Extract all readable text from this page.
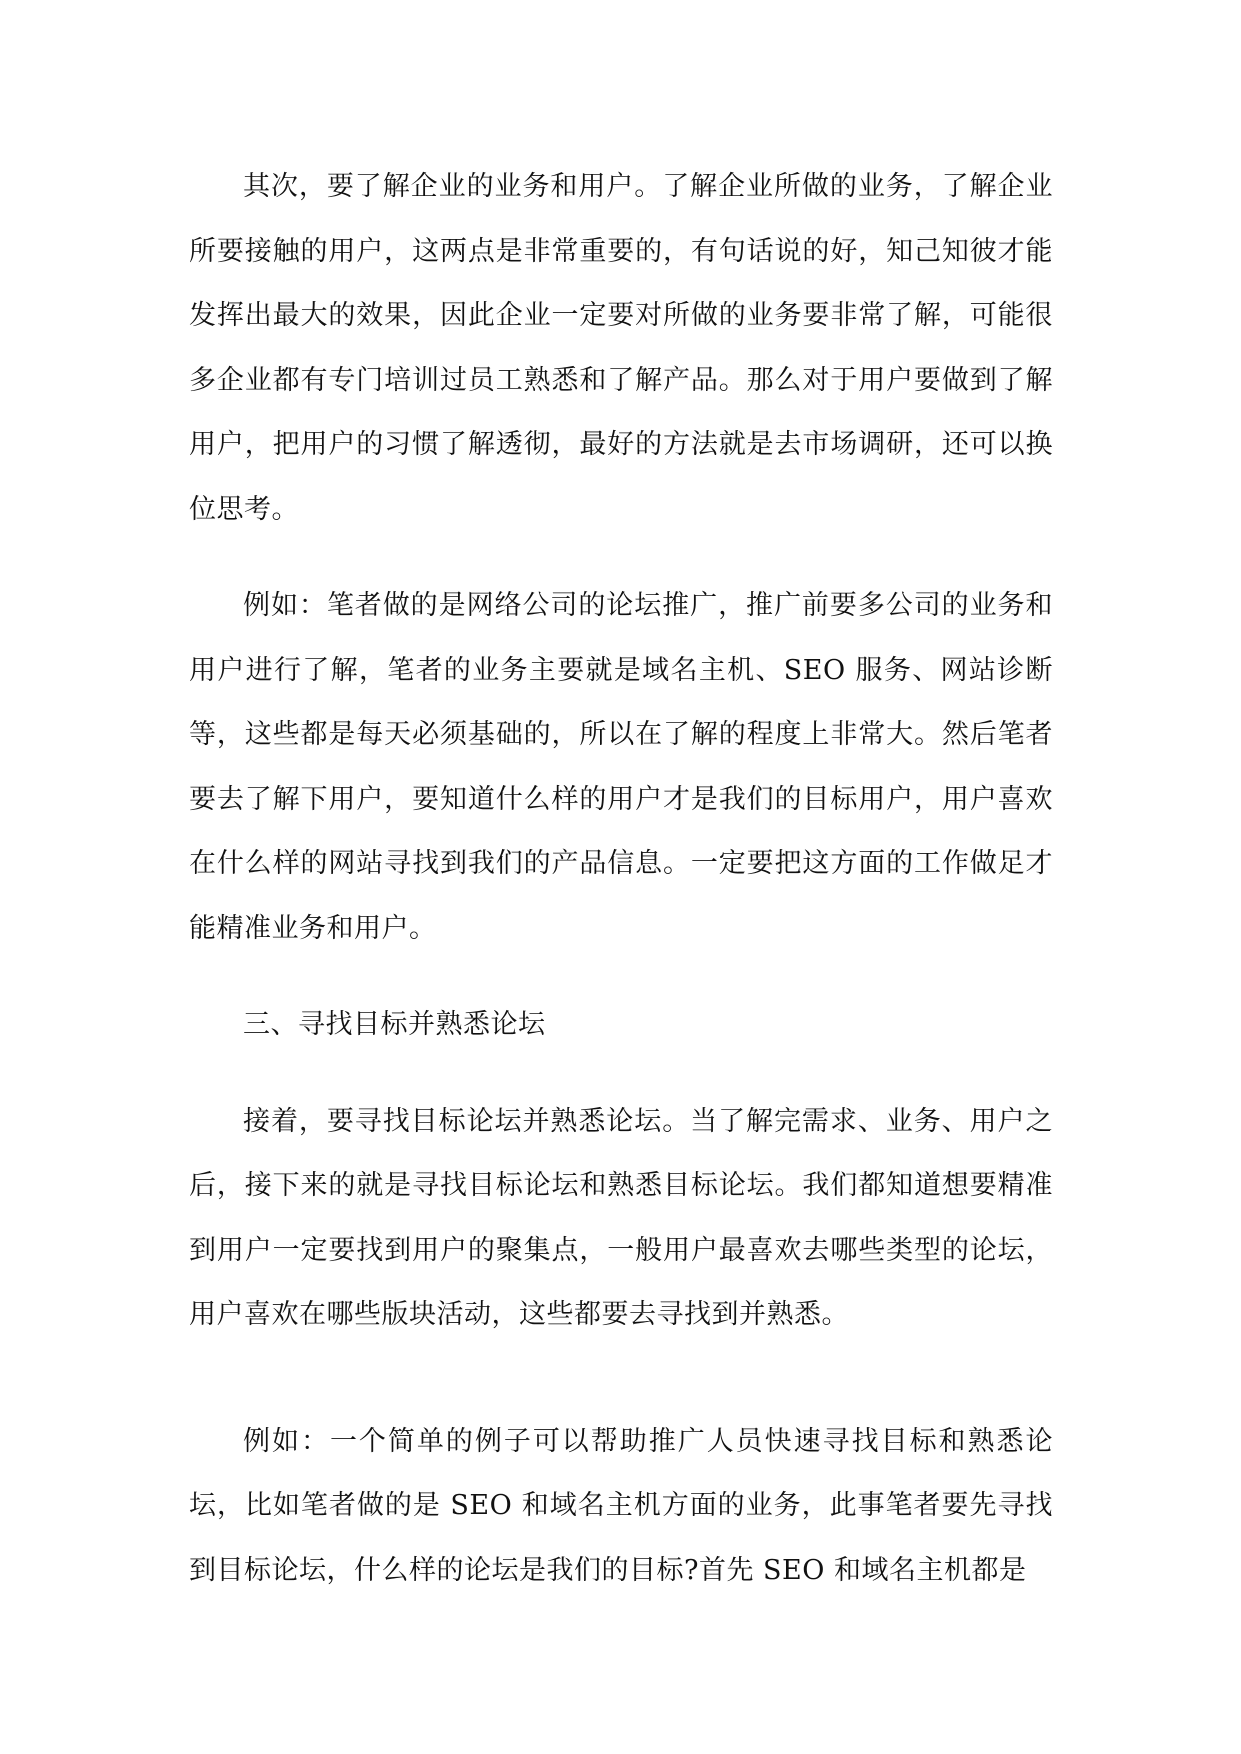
其次，要了解企业的业务和用户。了解企业所做的业务，了解企业所要接触的用户，这两点是非常重要的，有句话说的好，知己知彼才能发挥出最大的效果，因此企业一定要对所做的业务要非常了解，可能很多企业都有专门培训过员工熟悉和了解产品。那么对于用户要做到了解用户，把用户的习惯了解透彻，最好的方法就是去市场调研，还可以换位思考。

例如：笔者做的是网络公司的论坛推广，推广前要多公司的业务和用户进行了解，笔者的业务主要就是域名主机、SEO 服务、网站诊断等，这些都是每天必须基础的，所以在了解的程度上非常大。然后笔者要去了解下用户，要知道什么样的用户才是我们的目标用户，用户喜欢在什么样的网站寻找到我们的产品信息。一定要把这方面的工作做足才能精准业务和用户。

三、寻找目标并熟悉论坛

接着，要寻找目标论坛并熟悉论坛。当了解完需求、业务、用户之后，接下来的就是寻找目标论坛和熟悉目标论坛。我们都知道想要精准到用户一定要找到用户的聚集点，一般用户最喜欢去哪些类型的论坛，用户喜欢在哪些版块活动，这些都要去寻找到并熟悉。

例如：一个简单的例子可以帮助推广人员快速寻找目标和熟悉论坛，比如笔者做的是 SEO 和域名主机方面的业务，此事笔者要先寻找到目标论坛，什么样的论坛是我们的目标?首先 SEO 和域名主机都是
